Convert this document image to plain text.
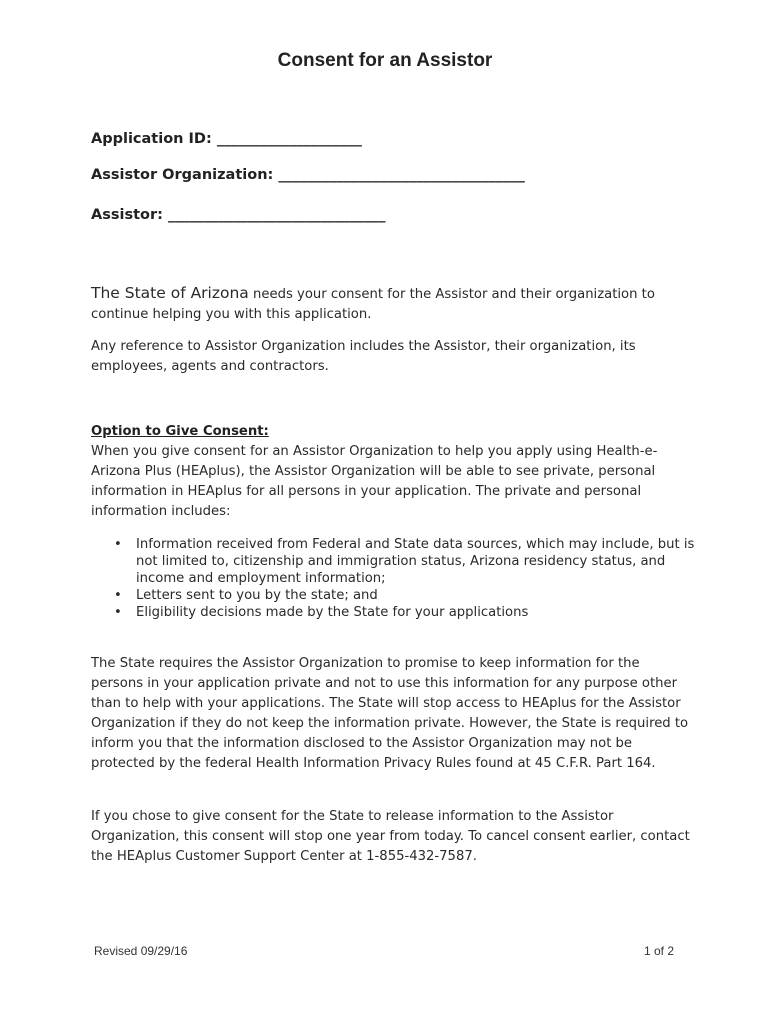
Consent for an Assistor
Application ID: ____________________
Assistor Organization: __________________________________
Assistor: ______________________________
The State of Arizona needs your consent for the Assistor and their organization to
continue helping you with this application.
Any reference to Assistor Organization includes the Assistor, their organization, its employees, agents and contractors.
Option to Give Consent:
When you give consent for an Assistor Organization to help you apply using Health-e-Arizona Plus (HEAplus), the Assistor Organization will be able to see private, personal information in HEAplus for all persons in your application. The private and personal information includes:
• Information received from Federal and State data sources, which may include, but is not limited to, citizenship and immigration status, Arizona residency status, and income and employment information;
• Letters sent to you by the state; and
• Eligibility decisions made by the State for your applications
The State requires the Assistor Organization to promise to keep information for the persons in your application private and not to use this information for any purpose other than to help with your applications. The State will stop access to HEAplus for the Assistor Organization if they do not keep the information private. However, the State is required to inform you that the information disclosed to the Assistor Organization may not be protected by the federal Health Information Privacy Rules found at 45 C.F.R. Part 164.
If you chose to give consent for the State to release information to the Assistor Organization, this consent will stop one year from today. To cancel consent earlier, contact the HEAplus Customer Support Center at 1-855-432-7587.
Revised 09/29/16	1 of 2
